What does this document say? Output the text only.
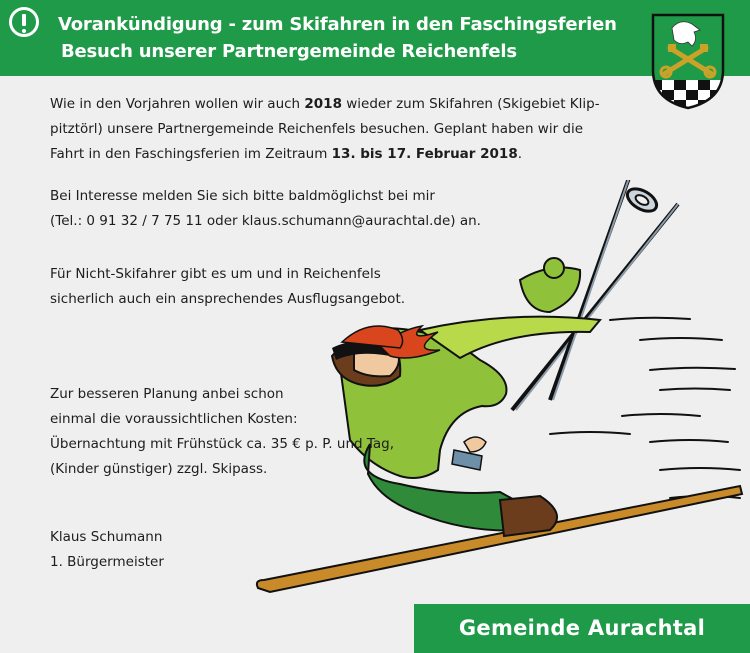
Vorankündigung - zum Skifahren in den Faschingsferien
Besuch unserer Partnergemeinde Reichenfels

Wie in den Vorjahren wollen wir auch 2018 wieder zum Skifahren (Skigebiet Klip-
pitztörl) unsere Partnergemeinde Reichenfels besuchen. Geplant haben wir die
Fahrt in den Faschingsferien im Zeitraum 13. bis 17. Februar 2018.

Bei Interesse melden Sie sich bitte baldmöglichst bei mir
(Tel.: 0 91 32 / 7 75 11 oder klaus.schumann@aurachtal.de) an.

Für Nicht-Skifahrer gibt es um und in Reichenfels
sicherlich auch ein ansprechendes Ausflugsangebot.

Zur besseren Planung anbei schon
einmal die voraussichtlichen Kosten:
Übernachtung mit Frühstück ca. 35 € p. P. und Tag,
(Kinder günstiger) zzgl. Skipass.

Klaus Schumann
1. Bürgermeister

Gemeinde Aurachtal
